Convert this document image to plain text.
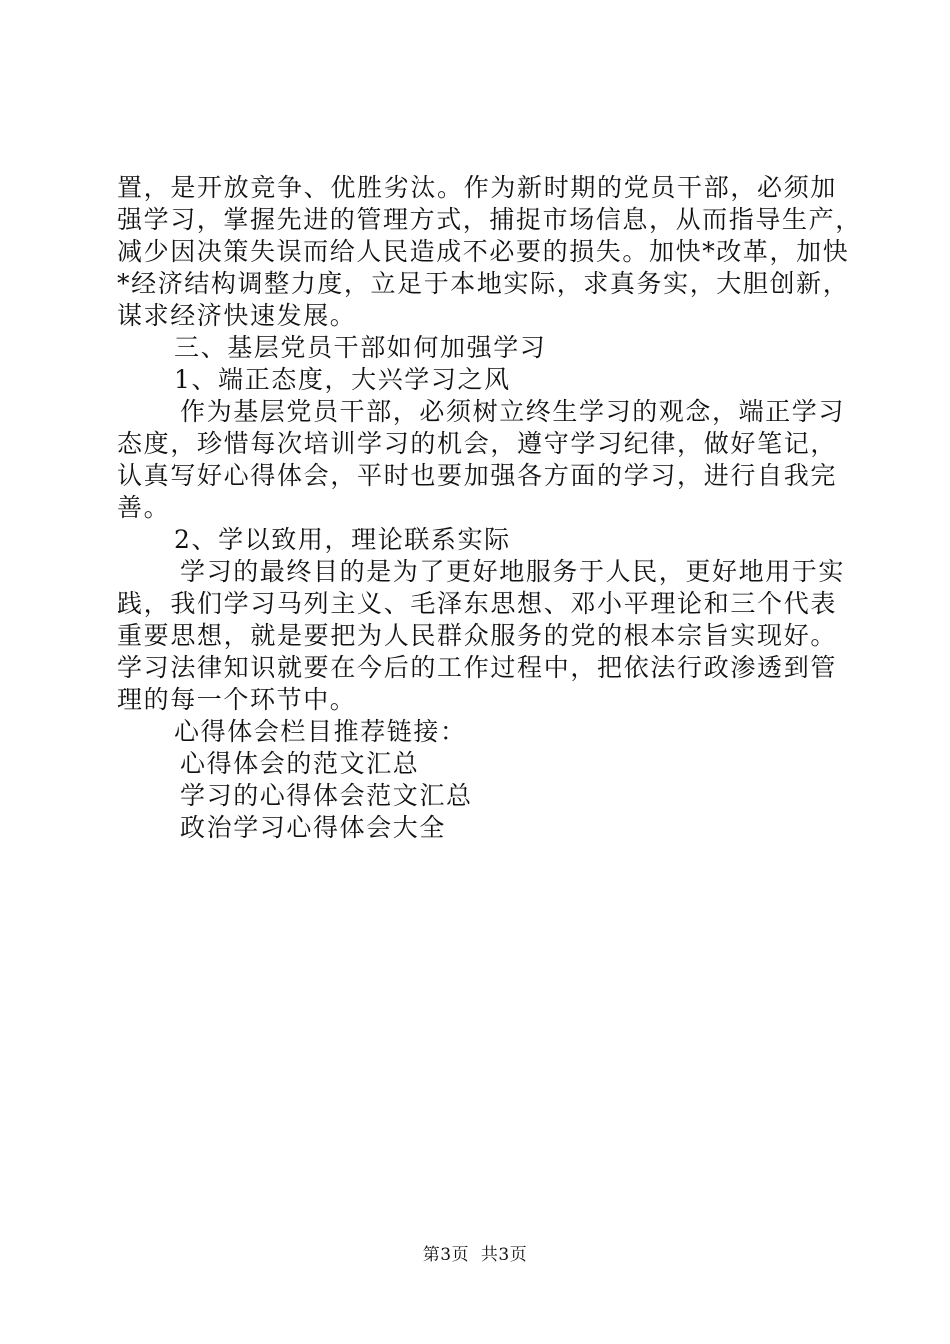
置，是开放竞争、优胜劣汰。作为新时期的党员干部，必须加
强学习，掌握先进的管理方式，捕捉市场信息，从而指导生产，
减少因决策失误而给人民造成不必要的损失。加快*改革，加快
*经济结构调整力度，立足于本地实际，求真务实，大胆创新，
谋求经济快速发展。
三、基层党员干部如何加强学习
1、端正态度，大兴学习之风
作为基层党员干部，必须树立终生学习的观念，端正学习
态度，珍惜每次培训学习的机会，遵守学习纪律，做好笔记，
认真写好心得体会，平时也要加强各方面的学习，进行自我完
善。
2、学以致用，理论联系实际
学习的最终目的是为了更好地服务于人民，更好地用于实
践，我们学习马列主义、毛泽东思想、邓小平理论和三个代表
重要思想，就是要把为人民群众服务的党的根本宗旨实现好。
学习法律知识就要在今后的工作过程中，把依法行政渗透到管
理的每一个环节中。
心得体会栏目推荐链接：
心得体会的范文汇总
学习的心得体会范文汇总
政治学习心得体会大全
第3页  共3页
